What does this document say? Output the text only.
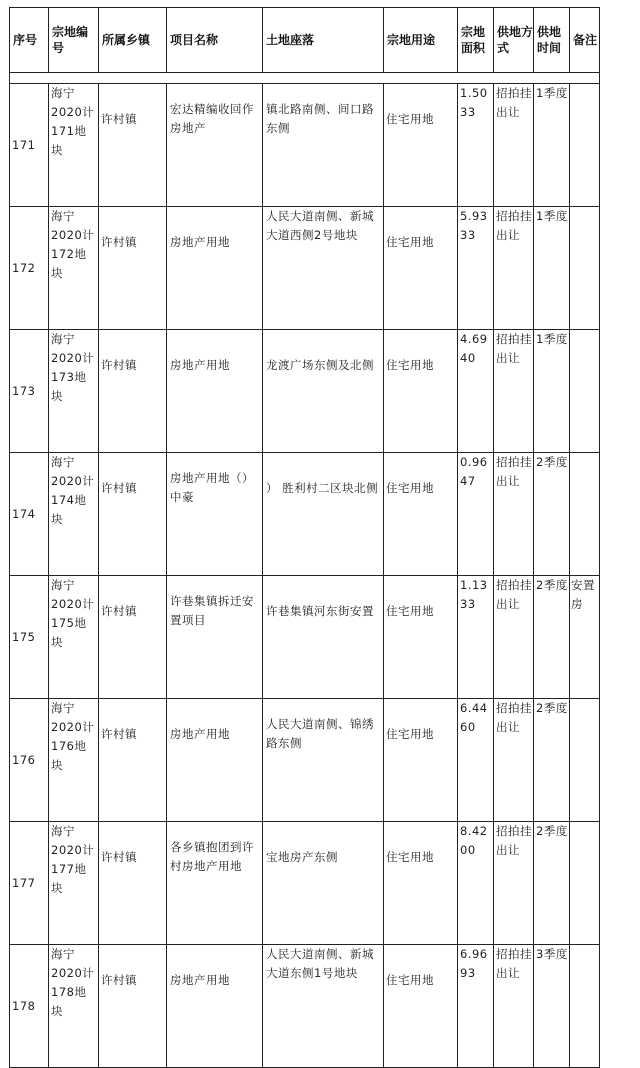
序号	宗地编号	所属乡镇	项目名称	土地座落	宗地用途	宗地面积	供地方式	供地时间	备注

171	海宁2020计171地块	许村镇	宏达精编收回作房地产	镇北路南侧、间口路东侧	住宅用地	1.5033	招拍挂出让	1季度	
172	海宁2020计172地块	许村镇	房地产用地	人民大道南侧、新城大道西侧2号地块	住宅用地	5.9333	招拍挂出让	1季度	
173	海宁2020计173地块	许村镇	房地产用地	龙渡广场东侧及北侧	住宅用地	4.6940	招拍挂出让	1季度	
174	海宁2020计174地块	许村镇	房地产用地（）中豪	） 胜利村二区块北侧	住宅用地	0.9647	招拍挂出让	2季度	
175	海宁2020计175地块	许村镇	许巷集镇拆迁安置项目	许巷集镇河东街安置	住宅用地	1.1333	招拍挂出让	2季度	安置房
176	海宁2020计176地块	许村镇	房地产用地	人民大道南侧、锦绣路东侧	住宅用地	6.4460	招拍挂出让	2季度	
177	海宁2020计177地块	许村镇	各乡镇抱团到许村房地产用地	宝地房产东侧	住宅用地	8.4200	招拍挂出让	2季度	
178	海宁2020计178地块	许村镇	房地产用地	人民大道南侧、新城大道东侧1号地块	住宅用地	6.9693	招拍挂出让	3季度	
